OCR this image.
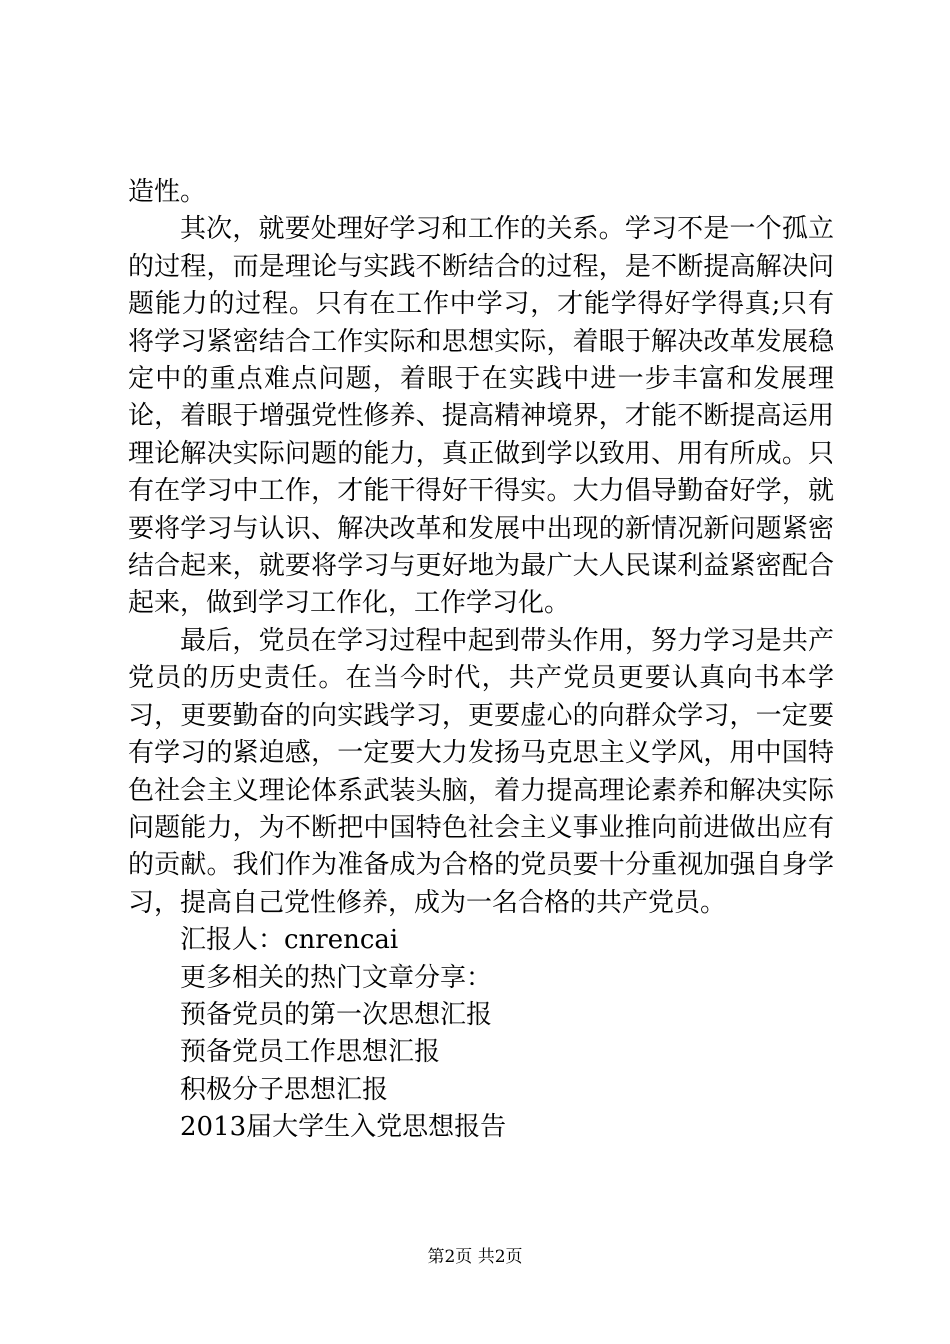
造性。

其次，就要处理好学习和工作的关系。学习不是一个孤立的过程，而是理论与实践不断结合的过程，是不断提高解决问题能力的过程。只有在工作中学习，才能学得好学得真;只有将学习紧密结合工作实际和思想实际，着眼于解决改革发展稳定中的重点难点问题，着眼于在实践中进一步丰富和发展理论，着眼于增强党性修养、提高精神境界，才能不断提高运用理论解决实际问题的能力，真正做到学以致用、用有所成。只有在学习中工作，才能干得好干得实。大力倡导勤奋好学，就要将学习与认识、解决改革和发展中出现的新情况新问题紧密结合起来，就要将学习与更好地为最广大人民谋利益紧密配合起来，做到学习工作化，工作学习化。

最后，党员在学习过程中起到带头作用，努力学习是共产党员的历史责任。在当今时代，共产党员更要认真向书本学习，更要勤奋的向实践学习，更要虚心的向群众学习，一定要有学习的紧迫感，一定要大力发扬马克思主义学风，用中国特色社会主义理论体系武装头脑，着力提高理论素养和解决实际问题能力，为不断把中国特色社会主义事业推向前进做出应有的贡献。我们作为准备成为合格的党员要十分重视加强自身学习，提高自己党性修养，成为一名合格的共产党员。

汇报人：cnrencai

更多相关的热门文章分享：

预备党员的第一次思想汇报

预备党员工作思想汇报

积极分子思想汇报

2013届大学生入党思想报告

第2页 共2页
